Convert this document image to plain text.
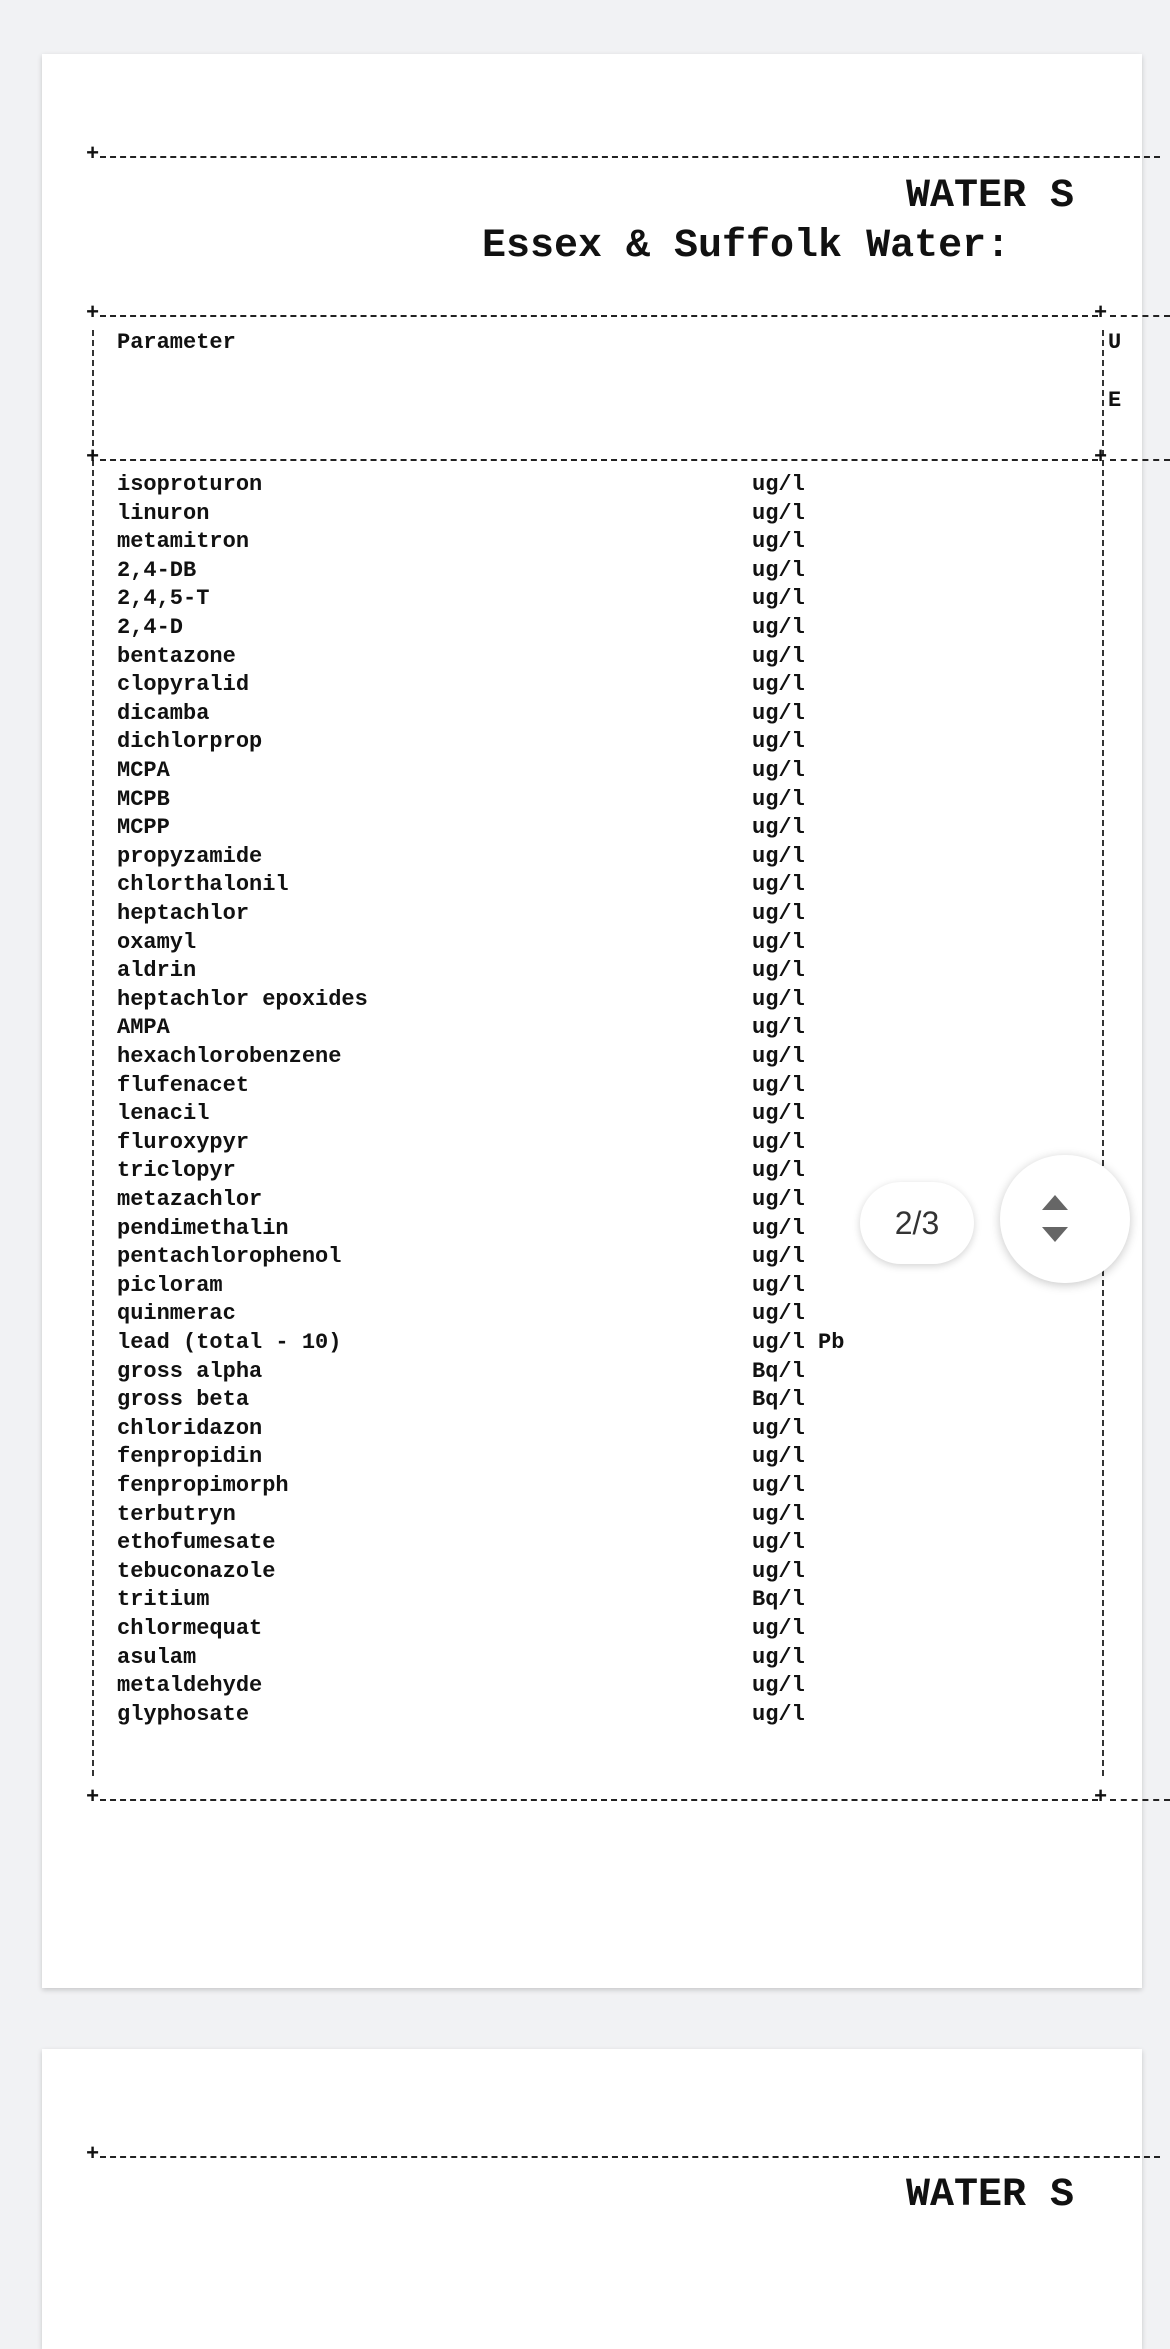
+
WATER S
Essex & Suffolk Water:
+	+
Parameter	U
E
+	+
isoproturon	ug/l
linuron	ug/l
metamitron	ug/l
2,4-DB	ug/l
2,4,5-T	ug/l
2,4-D	ug/l
bentazone	ug/l
clopyralid	ug/l
dicamba	ug/l
dichlorprop	ug/l
MCPA	ug/l
MCPB	ug/l
MCPP	ug/l
propyzamide	ug/l
chlorthalonil	ug/l
heptachlor	ug/l
oxamyl	ug/l
aldrin	ug/l
heptachlor epoxides	ug/l
AMPA	ug/l
hexachlorobenzene	ug/l
flufenacet	ug/l
lenacil	ug/l
fluroxypyr	ug/l
triclopyr	ug/l
metazachlor	ug/l
pendimethalin	ug/l
pentachlorophenol	ug/l
picloram	ug/l
quinmerac	ug/l
lead (total - 10)	ug/l Pb
gross alpha	Bq/l
gross beta	Bq/l
chloridazon	ug/l
fenpropidin	ug/l
fenpropimorph	ug/l
terbutryn	ug/l
ethofumesate	ug/l
tebuconazole	ug/l
tritium	Bq/l
chlormequat	ug/l
asulam	ug/l
metaldehyde	ug/l
glyphosate	ug/l
+	+
+
WATER S
2/3
